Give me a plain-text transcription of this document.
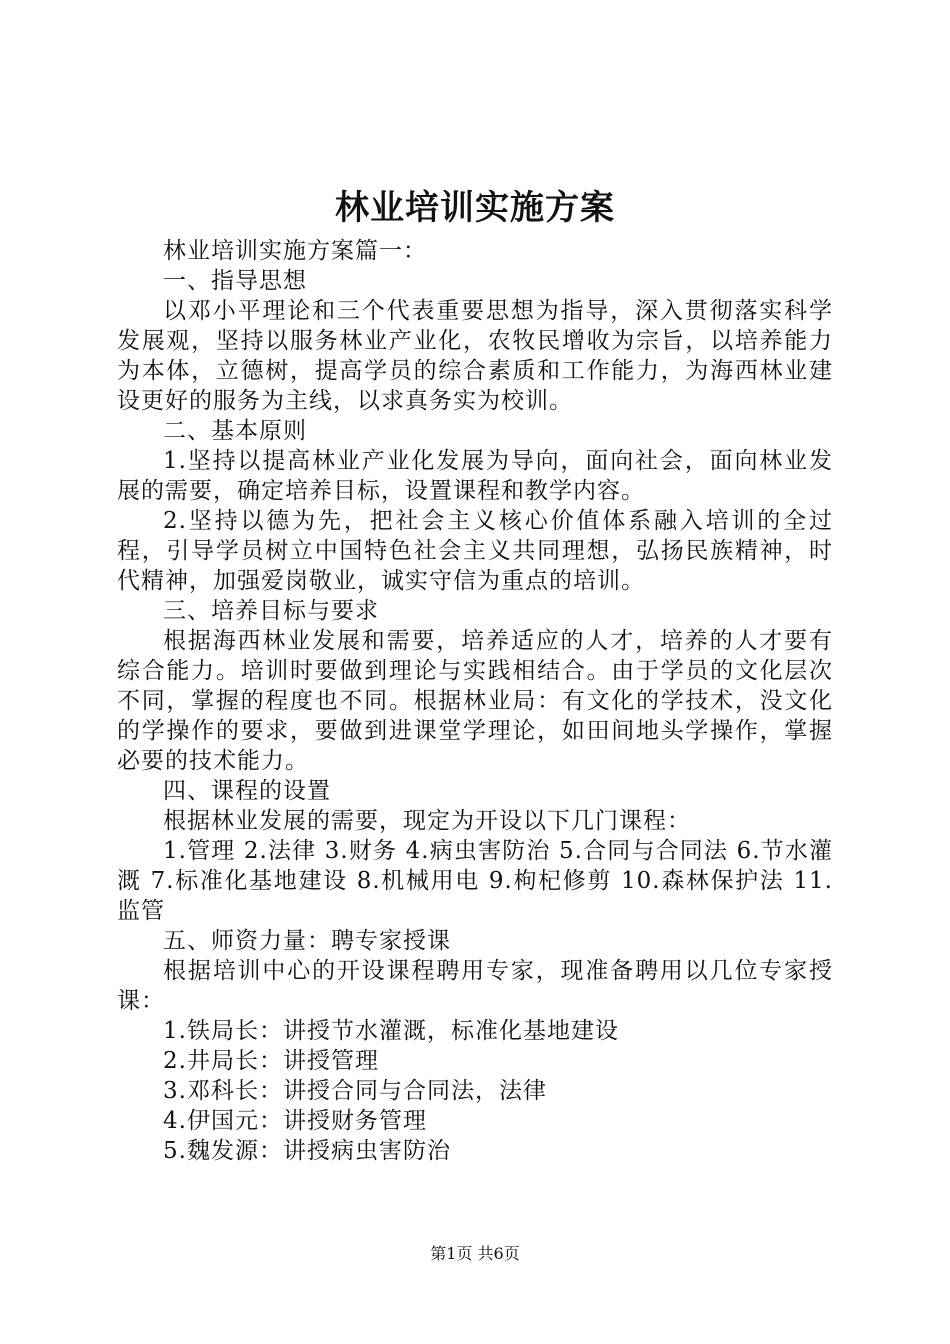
林业培训实施方案

林业培训实施方案篇一：

一、指导思想

以邓小平理论和三个代表重要思想为指导，深入贯彻落实科学发展观，坚持以服务林业产业化，农牧民增收为宗旨，以培养能力为本体，立德树，提高学员的综合素质和工作能力，为海西林业建设更好的服务为主线，以求真务实为校训。

二、基本原则

1.坚持以提高林业产业化发展为导向，面向社会，面向林业发展的需要，确定培养目标，设置课程和教学内容。

2.坚持以德为先，把社会主义核心价值体系融入培训的全过程，引导学员树立中国特色社会主义共同理想，弘扬民族精神，时代精神，加强爱岗敬业，诚实守信为重点的培训。

三、培养目标与要求

根据海西林业发展和需要，培养适应的人才，培养的人才要有综合能力。培训时要做到理论与实践相结合。由于学员的文化层次不同，掌握的程度也不同。根据林业局：有文化的学技术，没文化的学操作的要求，要做到进课堂学理论，如田间地头学操作，掌握必要的技术能力。

四、课程的设置

根据林业发展的需要，现定为开设以下几门课程：

1.管理 2.法律 3.财务 4.病虫害防治 5.合同与合同法 6.节水灌溉 7.标准化基地建设 8.机械用电 9.枸杞修剪 10.森林保护法 11.监管

五、师资力量：聘专家授课

根据培训中心的开设课程聘用专家，现准备聘用以几位专家授课：

1.铁局长：讲授节水灌溉，标准化基地建设

2.井局长：讲授管理

3.邓科长：讲授合同与合同法，法律

4.伊国元：讲授财务管理

5.魏发源：讲授病虫害防治

第1页 共6页
